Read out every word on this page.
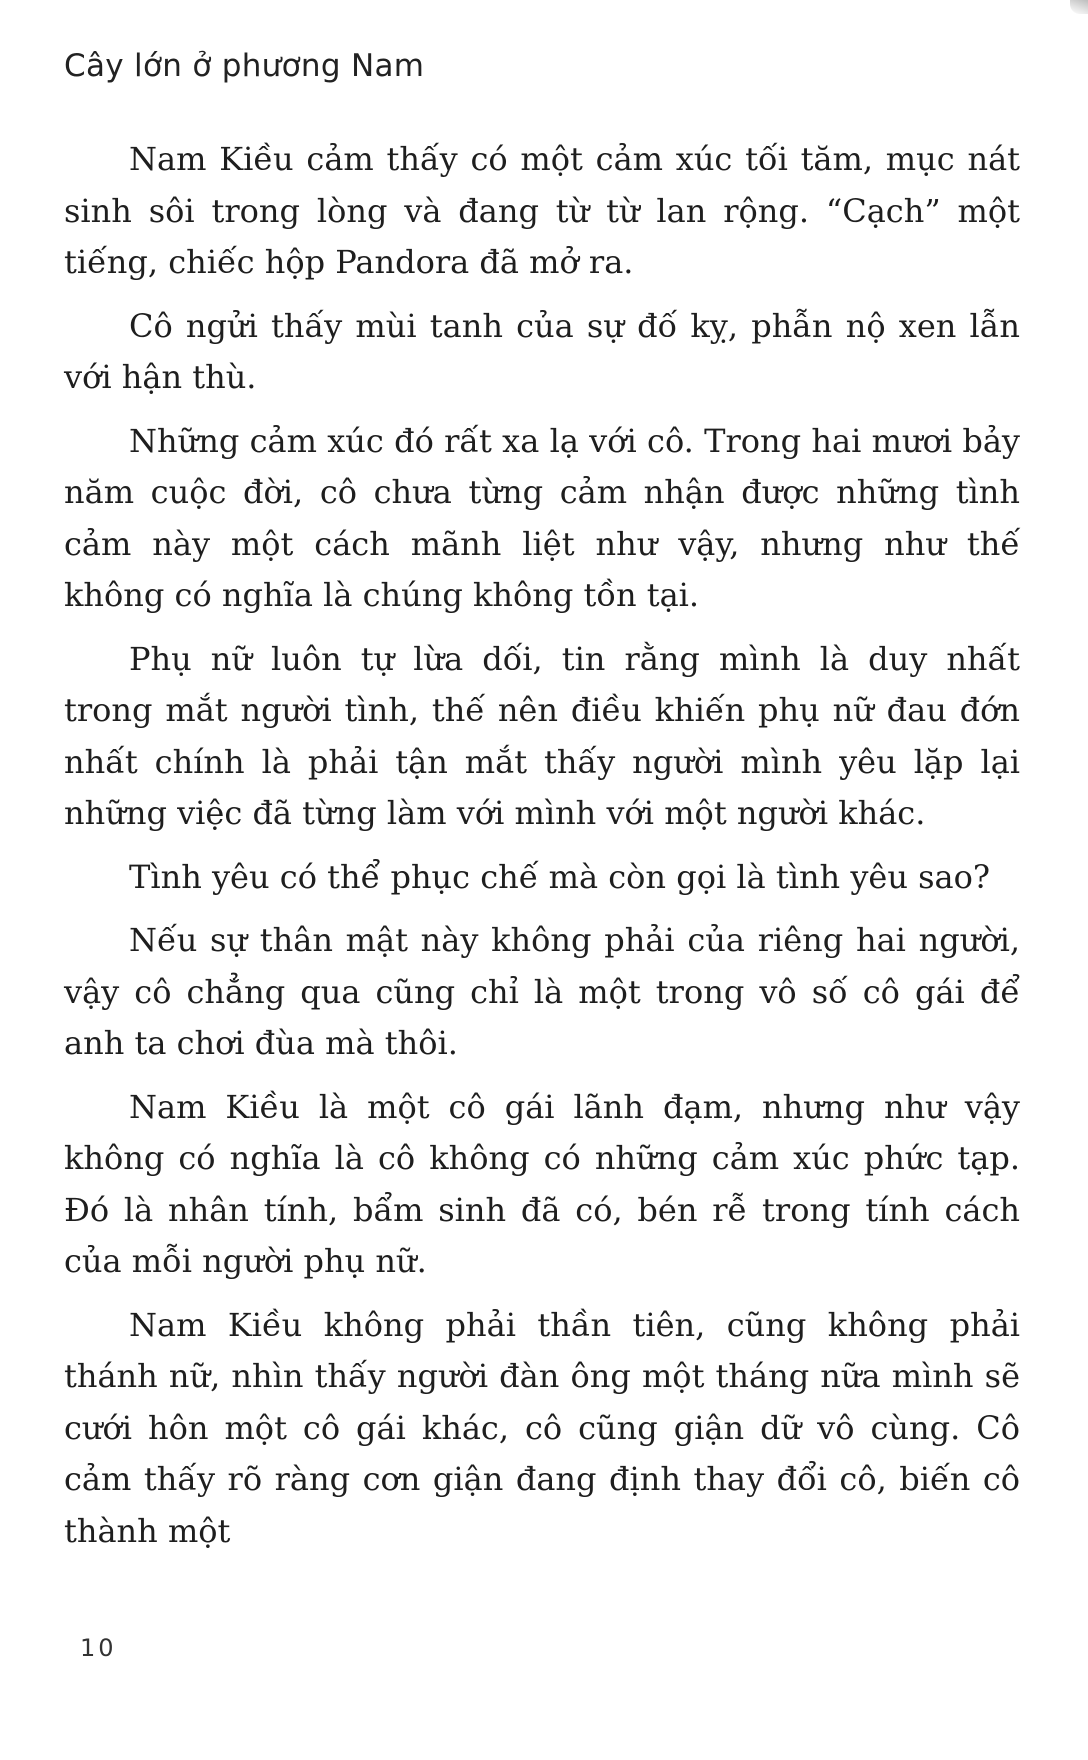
Cây lớn ở phương Nam

Nam Kiều cảm thấy có một cảm xúc tối tăm, mục nát sinh sôi trong lòng và đang từ từ lan rộng. “Cạch” một tiếng, chiếc hộp Pandora đã mở ra.

Cô ngửi thấy mùi tanh của sự đố kỵ, phẫn nộ xen lẫn với hận thù.

Những cảm xúc đó rất xa lạ với cô. Trong hai mươi bảy năm cuộc đời, cô chưa từng cảm nhận được những tình cảm này một cách mãnh liệt như vậy, nhưng như thế không có nghĩa là chúng không tồn tại.

Phụ nữ luôn tự lừa dối, tin rằng mình là duy nhất trong mắt người tình, thế nên điều khiến phụ nữ đau đớn nhất chính là phải tận mắt thấy người mình yêu lặp lại những việc đã từng làm với mình với một người khác.

Tình yêu có thể phục chế mà còn gọi là tình yêu sao?

Nếu sự thân mật này không phải của riêng hai người, vậy cô chẳng qua cũng chỉ là một trong vô số cô gái để anh ta chơi đùa mà thôi.

Nam Kiều là một cô gái lãnh đạm, nhưng như vậy không có nghĩa là cô không có những cảm xúc phức tạp. Đó là nhân tính, bẩm sinh đã có, bén rễ trong tính cách của mỗi người phụ nữ.

Nam Kiều không phải thần tiên, cũng không phải thánh nữ, nhìn thấy người đàn ông một tháng nữa mình sẽ cưới hôn một cô gái khác, cô cũng giận dữ vô cùng. Cô cảm thấy rõ ràng cơn giận đang định thay đổi cô, biến cô thành một

10
